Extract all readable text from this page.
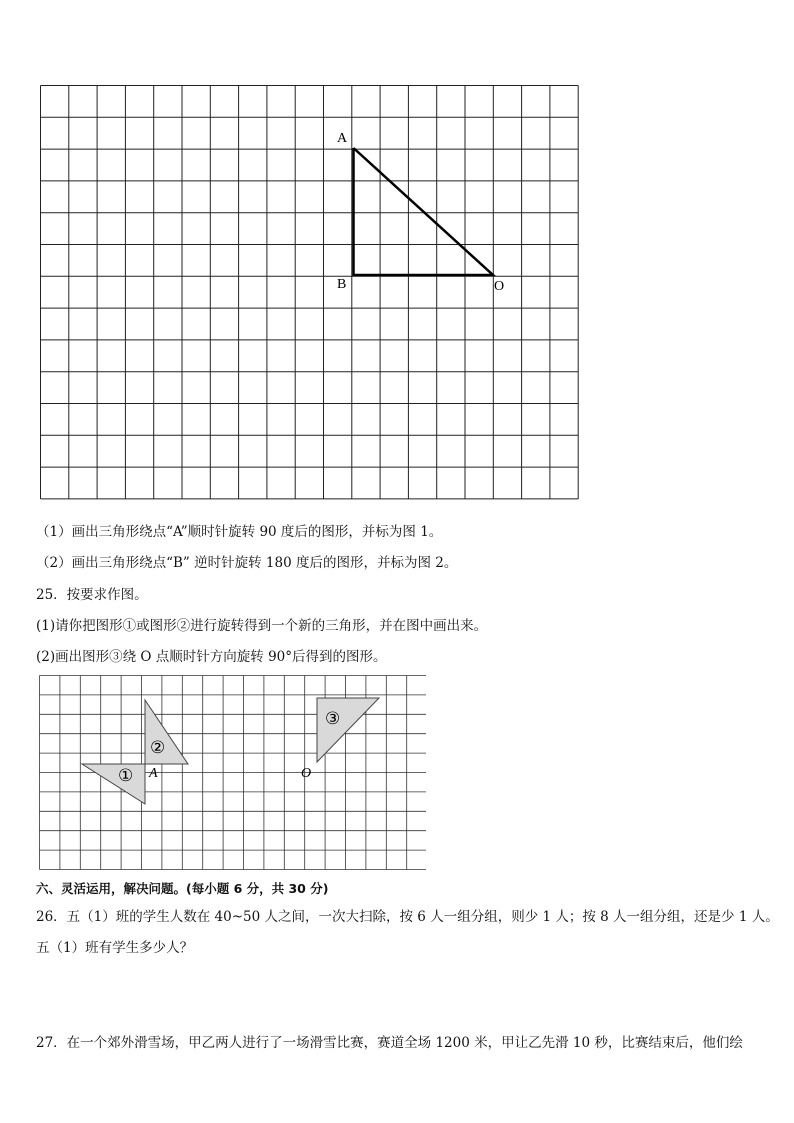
A
B	O
（1）画出三角形绕点“A”顺时针旋转 90 度后的图形，并标为图 1。
（2）画出三角形绕点“B” 逆时针旋转 180 度后的图形，并标为图 2。
25．按要求作图。
(1)请你把图形①或图形②进行旋转得到一个新的三角形，并在图中画出来。
(2)画出图形③绕 O 点顺时针方向旋转 90°后得到的图形。
①
②
③
A	O
六、灵活运用，解决问题。(每小题 6 分，共 30 分)
26．五（1）班的学生人数在 40~50 人之间，一次大扫除，按 6 人一组分组，则少 1 人；按 8 人一组分组，还是少 1 人。
五（1）班有学生多少人？
27．在一个郊外滑雪场，甲乙两人进行了一场滑雪比赛，赛道全场 1200 米，甲让乙先滑 10 秒，比赛结束后，他们绘
